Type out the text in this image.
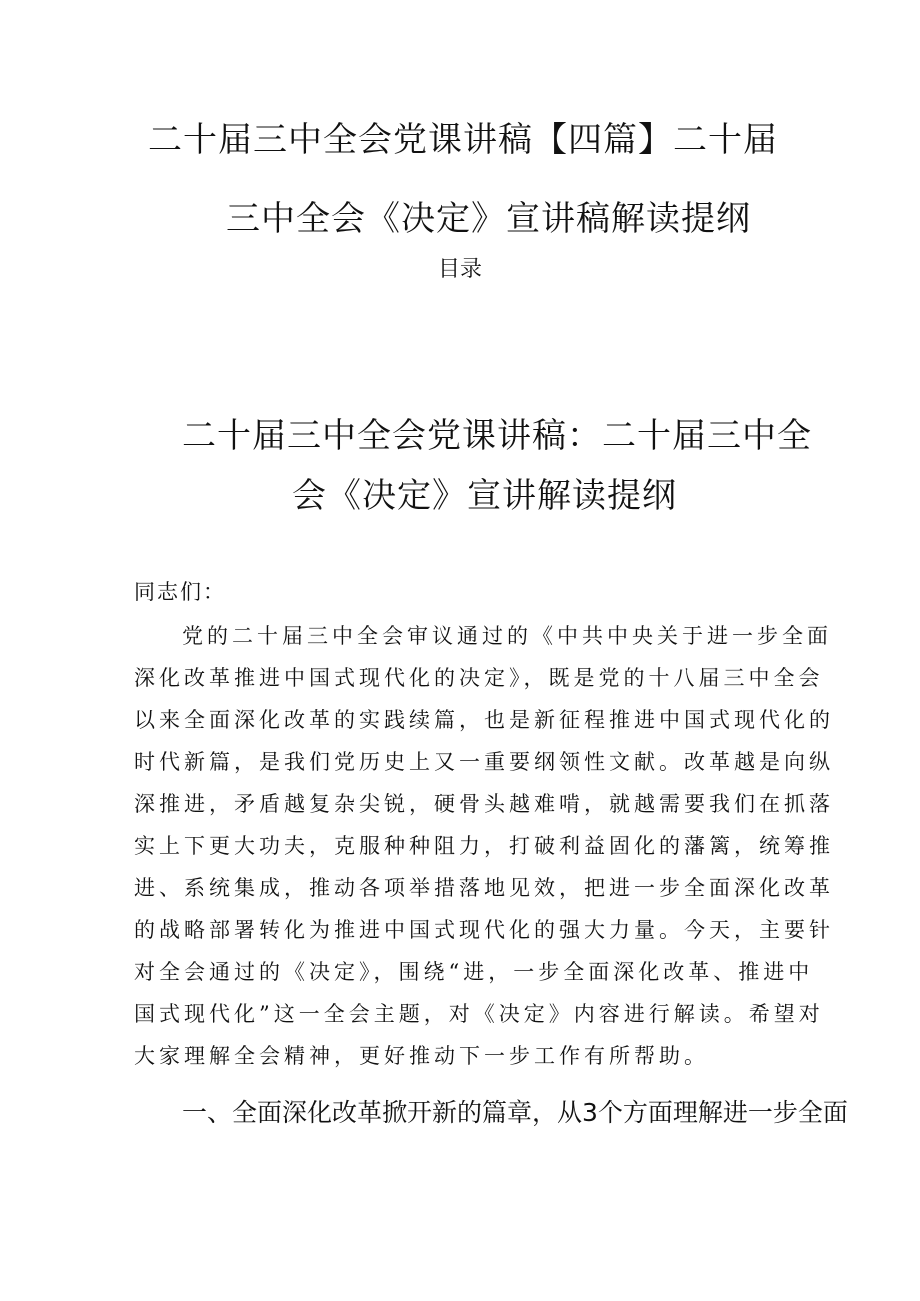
二十届三中全会党课讲稿【四篇】二十届

三中全会《决定》宣讲稿解读提纲

目录

二十届三中全会党课讲稿：二十届三中全

会《决定》宣讲解读提纲

同志们：

党的二十届三中全会审议通过的《中共中央关于进一步全面

深化改革推进中国式现代化的决定》，既是党的十八届三中全会

以来全面深化改革的实践续篇，也是新征程推进中国式现代化的

时代新篇，是我们党历史上又一重要纲领性文献。改革越是向纵

深推进，矛盾越复杂尖锐，硬骨头越难啃，就越需要我们在抓落

实上下更大功夫，克服种种阻力，打破利益固化的藩篱，统筹推

进、系统集成，推动各项举措落地见效，把进一步全面深化改革

的战略部署转化为推进中国式现代化的强大力量。今天，主要针

对全会通过的《决定》，围绕“进，一步全面深化改革、推进中

国式现代化”这一全会主题，对《决定》内容进行解读。希望对

大家理解全会精神，更好推动下一步工作有所帮助。

一、全面深化改革掀开新的篇章，从3个方面理解进一步全面
